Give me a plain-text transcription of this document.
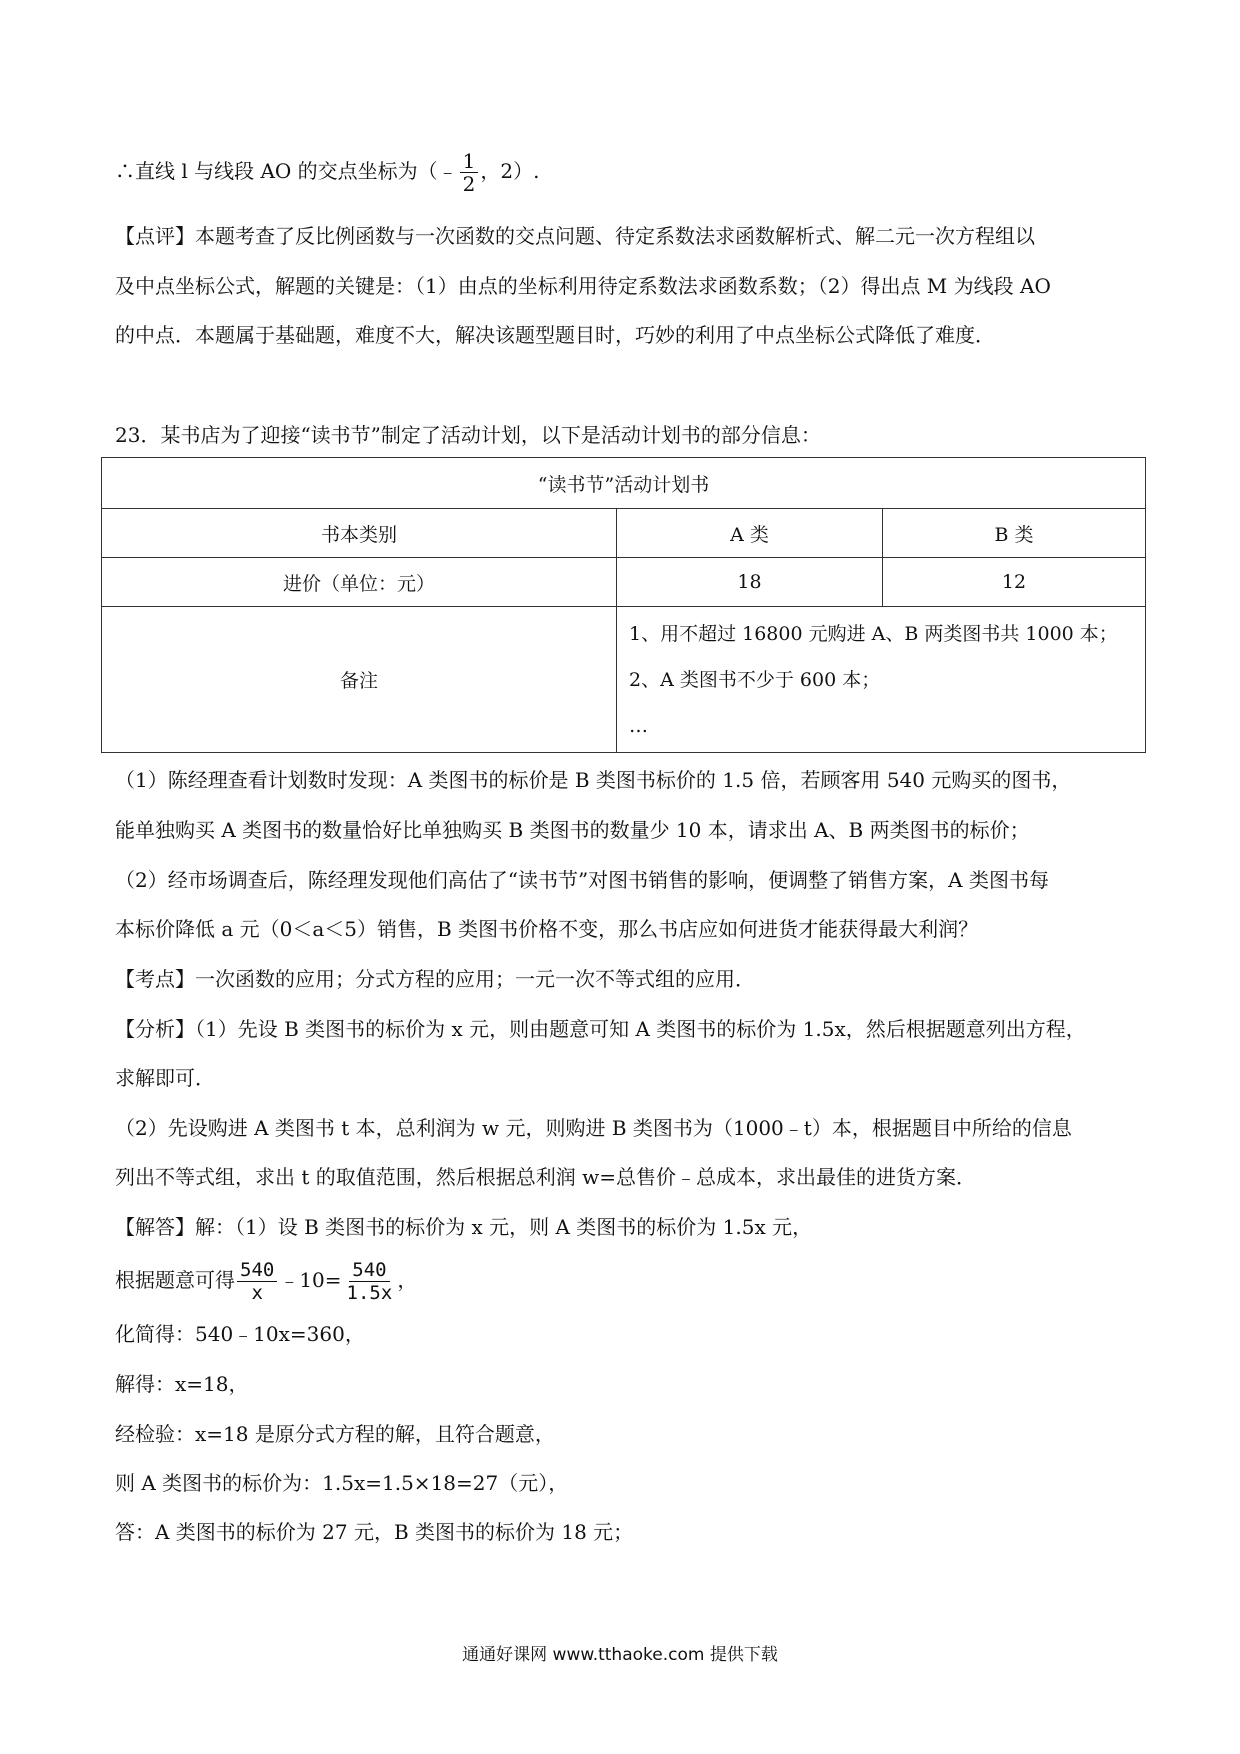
∴直线 l 与线段 AO 的交点坐标为（﹣ $\frac{1}{2}$ ，2）.
【点评】本题考查了反比例函数与一次函数的交点问题、待定系数法求函数解析式、解二元一次方程组以
及中点坐标公式，解题的关键是：（1）由点的坐标利用待定系数法求函数系数；（2）得出点 M 为线段 AO
的中点．本题属于基础题，难度不大，解决该题型题目时，巧妙的利用了中点坐标公式降低了难度．
23．某书店为了迎接“读书节”制定了活动计划，以下是活动计划书的部分信息：
“读书节”活动计划书		
书本类别	A 类	B 类
进价（单位：元）	18	12
备注	1、用不超过 16800 元购进 A、B 两类图书共 1000 本；
2、A 类图书不少于 600 本；
…	
（1）陈经理查看计划数时发现：A 类图书的标价是 B 类图书标价的 1.5 倍，若顾客用 540 元购买的图书，
能单独购买 A 类图书的数量恰好比单独购买 B 类图书的数量少 10 本，请求出 A、B 两类图书的标价；
（2）经市场调查后，陈经理发现他们高估了“读书节”对图书销售的影响，便调整了销售方案，A 类图书每
本标价降低 a 元（0＜a＜5）销售，B 类图书价格不变，那么书店应如何进货才能获得最大利润？
【考点】一次函数的应用；分式方程的应用；一元一次不等式组的应用．
【分析】（1）先设 B 类图书的标价为 x 元，则由题意可知 A 类图书的标价为 1.5x，然后根据题意列出方程，
求解即可．
（2）先设购进 A 类图书 t 本，总利润为 w 元，则购进 B 类图书为（1000﹣t）本，根据题目中所给的信息
列出不等式组，求出 t 的取值范围，然后根据总利润 w=总售价﹣总成本，求出最佳的进货方案．
【解答】解：（1）设 B 类图书的标价为 x 元，则 A 类图书的标价为 1.5x 元，
根据题意可得 $\frac{540}{x}$ ﹣10= $\frac{540}{1.5x}$ ，
化简得：540﹣10x=360，
解得：x=18，
经检验：x=18 是原分式方程的解，且符合题意，
则 A 类图书的标价为：1.5x=1.5×18=27（元），
答：A 类图书的标价为 27 元，B 类图书的标价为 18 元；
通通好课网 www.tthaoke.com 提供下载
